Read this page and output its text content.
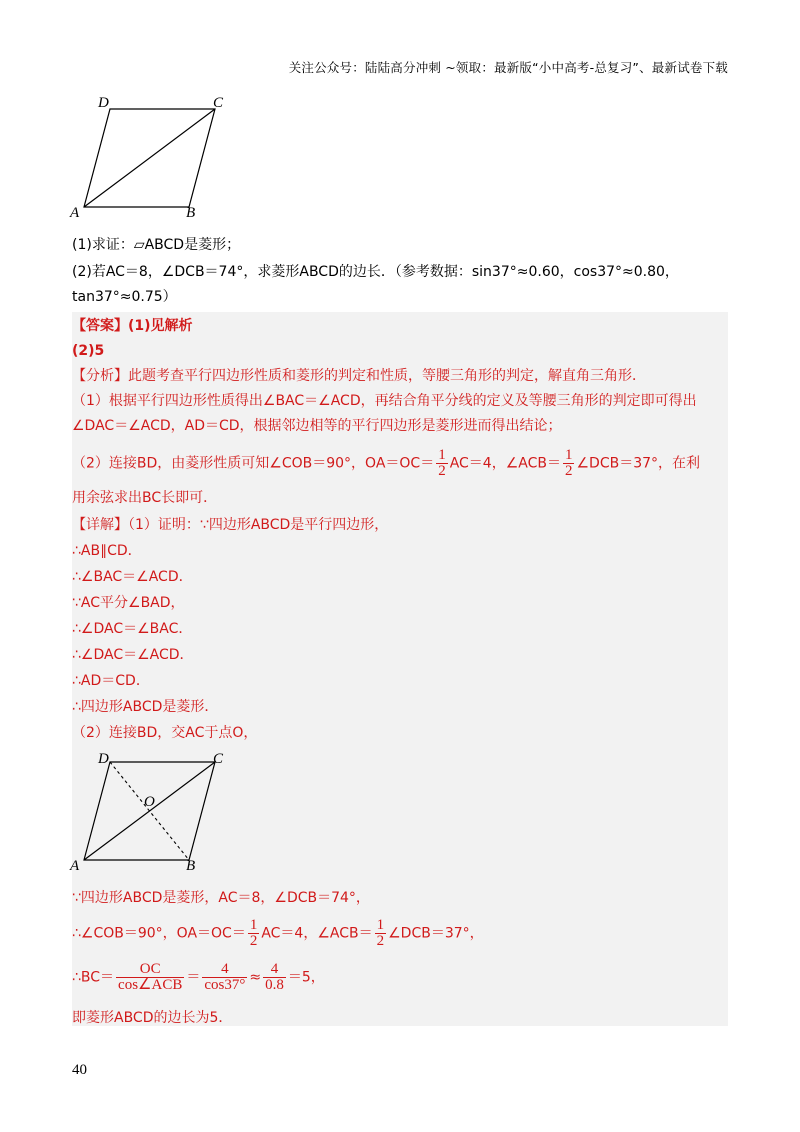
关注公众号：陆陆高分冲刺 ~领取：最新版“小中高考-总复习”、最新试卷下载
D	C
A	B
(1)求证：▱ABCD是菱形；
(2)若AC＝8，∠DCB＝74°，求菱形ABCD的边长．（参考数据：sin37°≈0.60，cos37°≈0.80，
tan37°≈0.75）
【答案】(1)见解析
(2)5
【分析】此题考查平行四边形性质和菱形的判定和性质，等腰三角形的判定，解直角三角形．
（1）根据平行四边形性质得出∠BAC＝∠ACD，再结合角平分线的定义及等腰三角形的判定即可得出
∠DAC＝∠ACD，AD＝CD，根据邻边相等的平行四边形是菱形进而得出结论；
（2）连接BD，由菱形性质可知∠COB＝90°，$OA=OC= \frac{1}{2} AC=4$，∠ACB＝ $\frac{1}{2}$ ∠DCB＝37°，在利
用余弦求出BC长即可．
【详解】（1）证明：∵四边形ABCD是平行四边形，
∴AB∥CD．
∴∠BAC＝∠ACD．
∵AC平分∠BAD，
∴∠DAC＝∠BAC．
∴∠DAC＝∠ACD．
∴AD＝CD．
∴四边形ABCD是菱形．
（2）连接BD，交AC于点O，
D	C
A	B
O
∵四边形ABCD是菱形，AC＝8，∠DCB＝74°，
∴∠COB＝90°，$OA=OC= \frac{1}{2} AC=4$，∠ACB＝ $\frac{1}{2}$ ∠DCB＝37°，
∴BC＝ $\frac{OC}{\text{cos∠ACB}} = \frac{4}{\cos 37^\circ} \approx \frac{4}{0.8} =5$，
即菱形ABCD的边长为5．
40
